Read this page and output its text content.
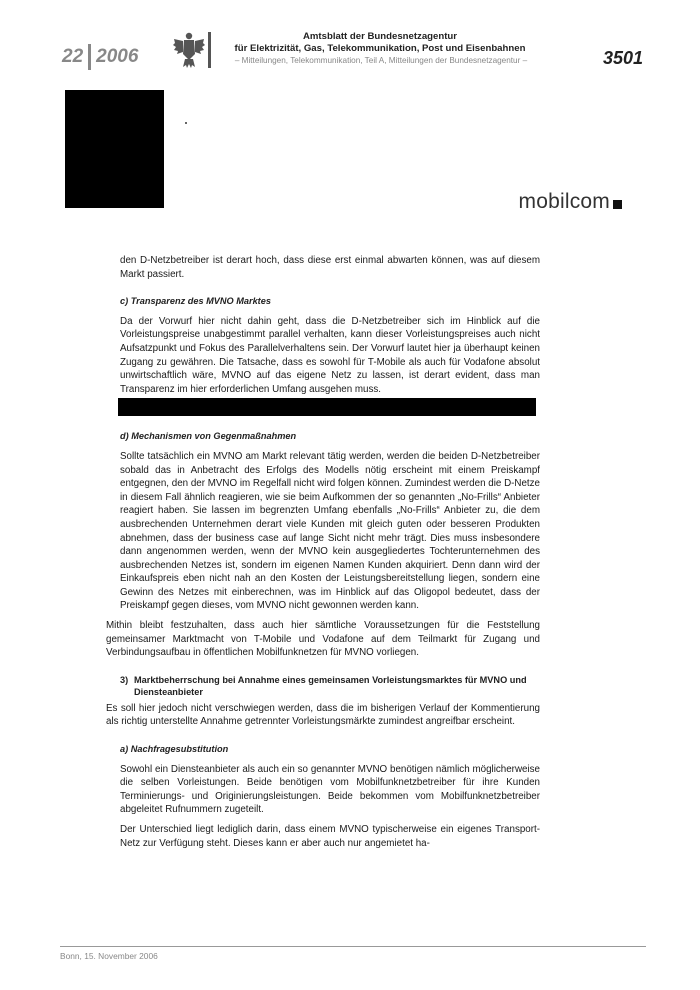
22 2006
Amtsblatt der Bundesnetzagentur
für Elektrizität, Gas, Telekommunikation, Post und Eisenbahnen
– Mitteilungen, Telekommunikation, Teil A, Mitteilungen der Bundesnetzagentur –	3501
mobilcom

den D-Netzbetreiber ist derart hoch, dass diese erst einmal abwarten können, was auf diesem Markt passiert.

c) Transparenz des MVNO Marktes

Da der Vorwurf hier nicht dahin geht, dass die D-Netzbetreiber sich im Hinblick auf die Vorleistungspreise unabgestimmt parallel verhalten, kann dieser Vorleistungspreises auch nicht Aufsatzpunkt und Fokus des Parallelverhaltens sein. Der Vorwurf lautet hier ja überhaupt keinen Zugang zu gewähren. Die Tatsache, dass es sowohl für T-Mobile als auch für Vodafone absolut unwirtschaftlich wäre, MVNO auf das eigene Netz zu lassen, ist derart evident, dass man Transparenz im hier erforderlichen Umfang ausgehen muss.

d) Mechanismen von Gegenmaßnahmen

Sollte tatsächlich ein MVNO am Markt relevant tätig werden, werden die beiden D-Netzbetreiber sobald das in Anbetracht des Erfolgs des Modells nötig erscheint mit einem Preiskampf entgegnen, den der MVNO im Regelfall nicht wird folgen können. Zumindest werden die D-Netze in diesem Fall ähnlich reagieren, wie sie beim Aufkommen der so genannten „No-Frills“ Anbieter reagiert haben. Sie lassen im begrenzten Umfang ebenfalls „No-Frills“ Anbieter zu, die dem ausbrechenden Unternehmen derart viele Kunden mit gleich guten oder besseren Produkten abnehmen, dass der business case auf lange Sicht nicht mehr trägt. Dies muss insbesondere dann angenommen werden, wenn der MVNO kein ausgegliedertes Tochterunternehmen des ausbrechenden Netzes ist, sondern im eigenen Namen Kunden akquiriert. Denn dann wird der Einkaufspreis eben nicht nah an den Kosten der Leistungsbereitstellung liegen, sondern eine Gewinn des Netzes mit einberechnen, was im Hinblick auf das Oligopol bedeutet, dass der Preiskampf gegen dieses, vom MVNO nicht gewonnen werden kann.

Mithin bleibt festzuhalten, dass auch hier sämtliche Voraussetzungen für die Feststellung gemeinsamer Marktmacht von T-Mobile und Vodafone auf dem Teilmarkt für Zugang und Verbindungsaufbau in öffentlichen Mobilfunknetzen für MVNO vorliegen.

3) Marktbeherrschung bei Annahme eines gemeinsamen Vorleistungsmarktes für MVNO und Diensteanbieter

Es soll hier jedoch nicht verschwiegen werden, dass die im bisherigen Verlauf der Kommentierung als richtig unterstellte Annahme getrennter Vorleistungsmärkte zumindest angreifbar erscheint.

a) Nachfragesubstitution

Sowohl ein Diensteanbieter als auch ein so genannter MVNO benötigen nämlich möglicherweise die selben Vorleistungen. Beide benötigen vom Mobilfunknetzbetreiber für ihre Kunden Terminierungs- und Originierungsleistungen. Beide bekommen vom Mobilfunknetzbetreiber abgeleitet Rufnummern zugeteilt.

Der Unterschied liegt lediglich darin, dass einem MVNO typischerweise ein eigenes Transport-Netz zur Verfügung steht. Dieses kann er aber auch nur angemietet ha-

Bonn, 15. November 2006
